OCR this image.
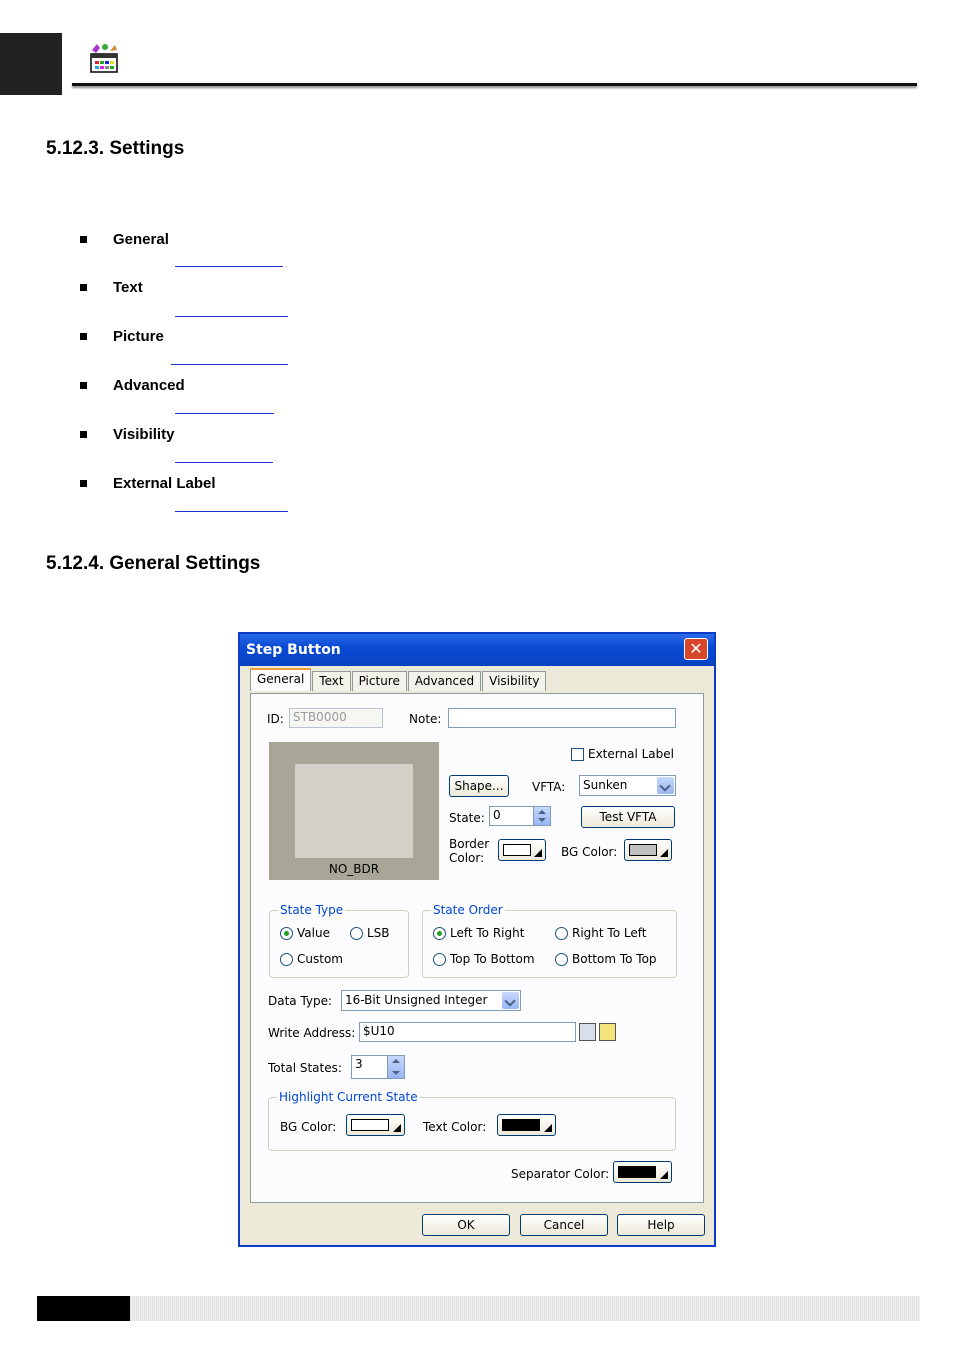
5.12.3. Settings
General
Text
Picture
Advanced
Visibility
External Label
5.12.4. General Settings
Step Button	✕
General	Text	Picture	Advanced	Visibility
ID: STB0000	Note:
NO_BDR
External Label
Shape...	VFTA:	Sunken
State: 0	Test VFTA
Border
Color:	BG Color:
State Type
Value	LSB
Custom
State Order
Left To Right	Right To Left
Top To Bottom	Bottom To Top
Data Type:	16-Bit Unsigned Integer
Write Address: $U10
Total States:	3
Highlight Current State
BG Color:	Text Color:
Separator Color:
OK	Cancel	Help
